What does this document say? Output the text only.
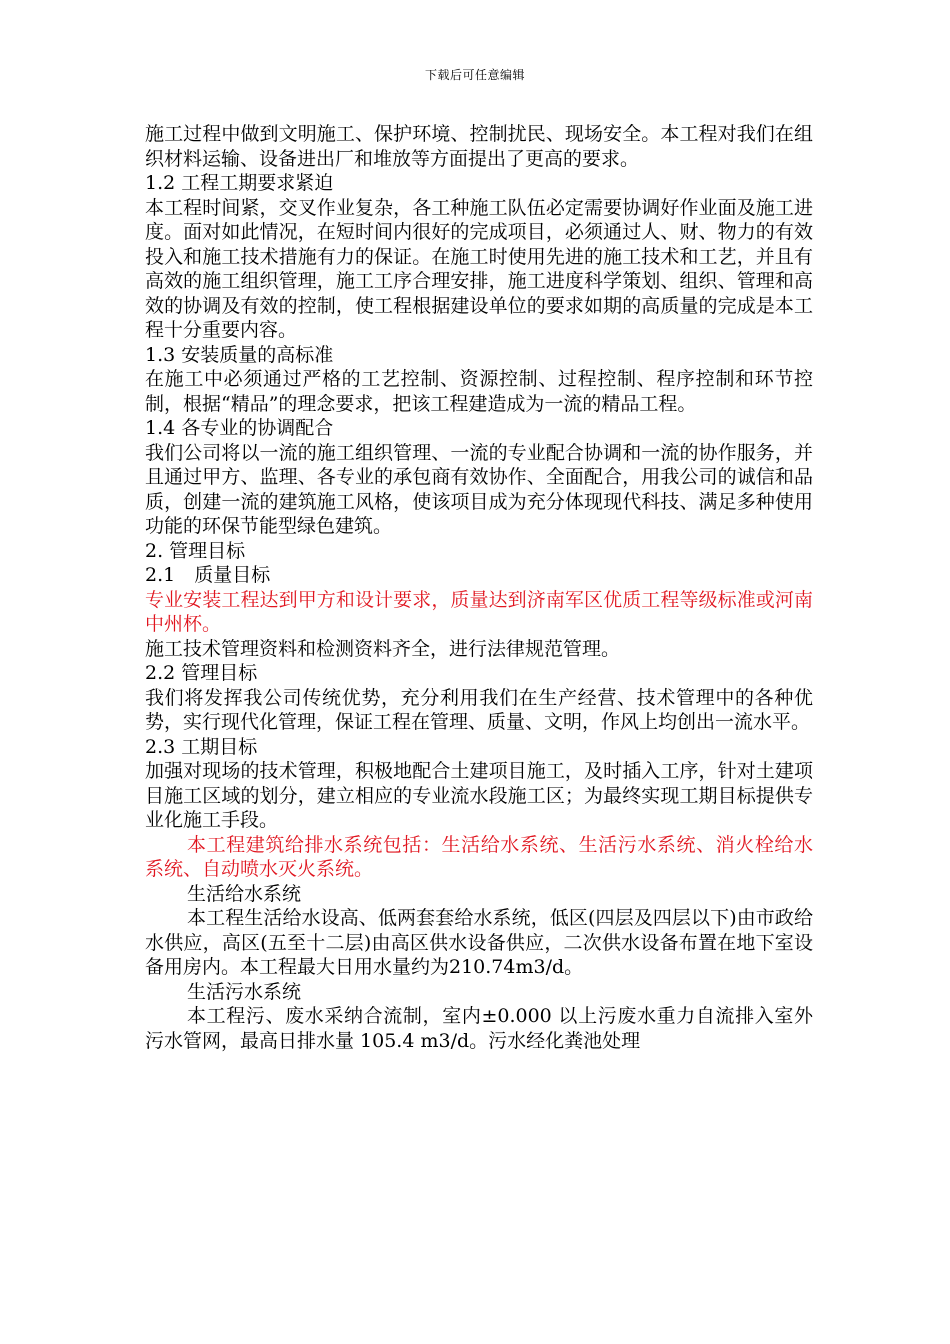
下载后可任意编辑

施工过程中做到文明施工、保护环境、控制扰民、现场安全。本工程对我们在组织材料运输、设备进出厂和堆放等方面提出了更高的要求。

1.2 工程工期要求紧迫

本工程时间紧，交叉作业复杂，各工种施工队伍必定需要协调好作业面及施工进度。面对如此情况，在短时间内很好的完成项目，必须通过人、财、物力的有效投入和施工技术措施有力的保证。在施工时使用先进的施工技术和工艺，并且有高效的施工组织管理，施工工序合理安排，施工进度科学策划、组织、管理和高效的协调及有效的控制，使工程根据建设单位的要求如期的高质量的完成是本工程十分重要内容。

1.3 安装质量的高标准

在施工中必须通过严格的工艺控制、资源控制、过程控制、程序控制和环节控制，根据“精品”的理念要求，把该工程建造成为一流的精品工程。

1.4 各专业的协调配合

我们公司将以一流的施工组织管理、一流的专业配合协调和一流的协作服务，并且通过甲方、监理、各专业的承包商有效协作、全面配合，用我公司的诚信和品质，创建一流的建筑施工风格，使该项目成为充分体现现代科技、满足多种使用功能的环保节能型绿色建筑。

2. 管理目标

2.1　质量目标

专业安装工程达到甲方和设计要求，质量达到济南军区优质工程等级标准或河南中州杯。

施工技术管理资料和检测资料齐全，进行法律规范管理。

2.2 管理目标

我们将发挥我公司传统优势，充分利用我们在生产经营、技术管理中的各种优势，实行现代化管理，保证工程在管理、质量、文明，作风上均创出一流水平。

2.3 工期目标

加强对现场的技术管理，积极地配合土建项目施工，及时插入工序，针对土建项目施工区域的划分，建立相应的专业流水段施工区；为最终实现工期目标提供专业化施工手段。

本工程建筑给排水系统包括：生活给水系统、生活污水系统、消火栓给水系统、自动喷水灭火系统。

生活给水系统

本工程生活给水设高、低两套套给水系统，低区(四层及四层以下)由市政给水供应，高区(五至十二层)由高区供水设备供应，二次供水设备布置在地下室设备用房内。本工程最大日用水量约为210.74m3/d。

生活污水系统

本工程污、废水采纳合流制，室内±0.000 以上污废水重力自流排入室外污水管网，最高日排水量 105.4 m3/d。污水经化粪池处理
